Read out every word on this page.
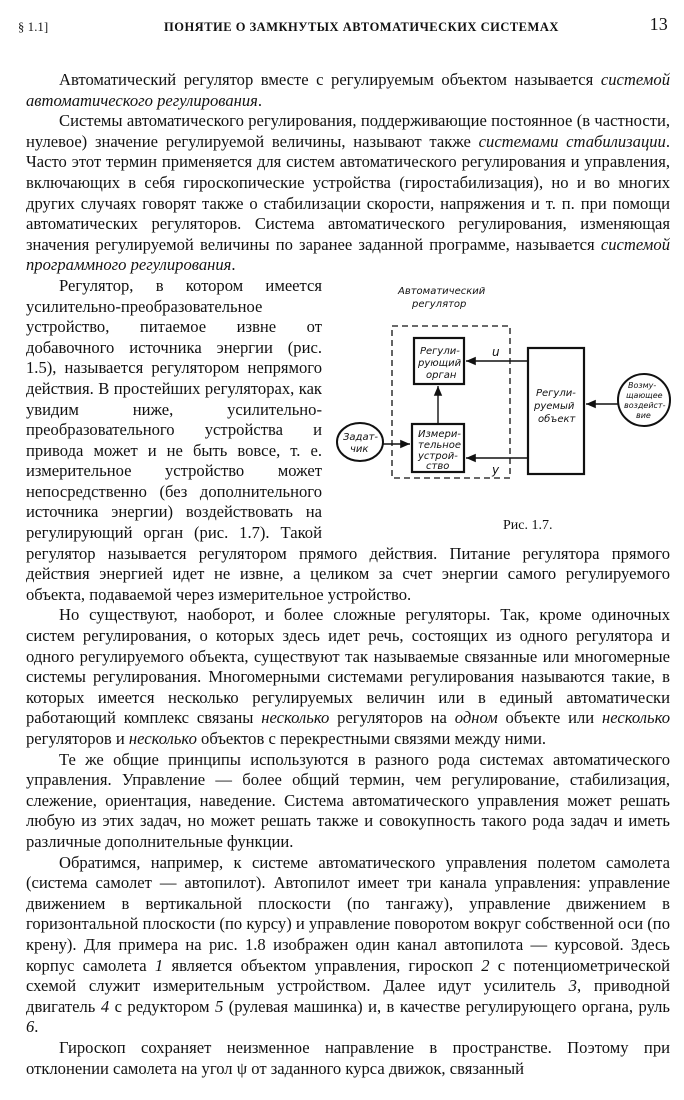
§ 1.1]	ПОНЯТИЕ О ЗАМКНУТЫХ АВТОМАТИЧЕСКИХ СИСТЕМАХ	13

Автоматический регулятор вместе с регулируемым объектом называется системой автоматического регулирования.

Системы автоматического регулирования, поддерживающие постоянное (в частности, нулевое) значение регулируемой величины, называют также системами стабилизации. Часто этот термин применяется для систем автоматического регулирования и управления, включающих в себя гироскопические устройства (гиростабилизация), но и во многих других случаях говорят также о стабилизации скорости, напряжения и т. п. при помощи автоматических регуляторов. Система автоматического регулирования, изменяющая значения регулируемой величины по заранее заданной программе, называется системой программного регулирования.

Автоматический
регулятор
Регули-
рующий
орган
Измери-
тельное
устрой-
ство
Регули-
руемый
объект
Задат-
чик
Возму-
щающее
воздейст-
вие
u
y
Рис. 1.7.
Регулятор, в котором имеется усилительно-преобразовательное устройство, питаемое извне от добавочного источника энергии (рис. 1.5), называется регулятором непрямого действия. В простейших регуляторах, как увидим ниже, усилительно-преобразовательного устройства и привода может и не быть вовсе, т. е. измерительное устройство может непосредственно (без дополнительного источника энергии) воздействовать на регулирующий орган (рис. 1.7). Такой регулятор называется регулятором прямого действия. Питание регулятора прямого действия энергией идет не извне, а целиком за счет энергии самого регулируемого объекта, подаваемой через измерительное устройство.

Но существуют, наоборот, и более сложные регуляторы. Так, кроме одиночных систем регулирования, о которых здесь идет речь, состоящих из одного регулятора и одного регулируемого объекта, существуют так называемые связанные или многомерные системы регулирования. Многомерными системами регулирования называются такие, в которых имеется несколько регулируемых величин или в единый автоматически работающий комплекс связаны несколько регуляторов на одном объекте или несколько регуляторов и несколько объектов с перекрестными связями между ними.

Те же общие принципы используются в разного рода системах автоматического управления. Управление — более общий термин, чем регулирование, стабилизация, слежение, ориентация, наведение. Система автоматического управления может решать любую из этих задач, но может решать также и совокупность такого рода задач и иметь различные дополнительные функции.

Обратимся, например, к системе автоматического управления полетом самолета (система самолет — автопилот). Автопилот имеет три канала управления: управление движением в вертикальной плоскости (по тангажу), управление движением в горизонтальной плоскости (по курсу) и управление поворотом вокруг собственной оси (по крену). Для примера на рис. 1.8 изображен один канал автопилота — курсовой. Здесь корпус самолета 1 является объектом управления, гироскоп 2 с потенциометрической схемой служит измерительным устройством. Далее идут усилитель 3, приводной двигатель 4 с редуктором 5 (рулевая машинка) и, в качестве регулирующего органа, руль 6.

Гироскоп сохраняет неизменное направление в пространстве. Поэтому при отклонении самолета на угол ψ от заданного курса движок, связанный
